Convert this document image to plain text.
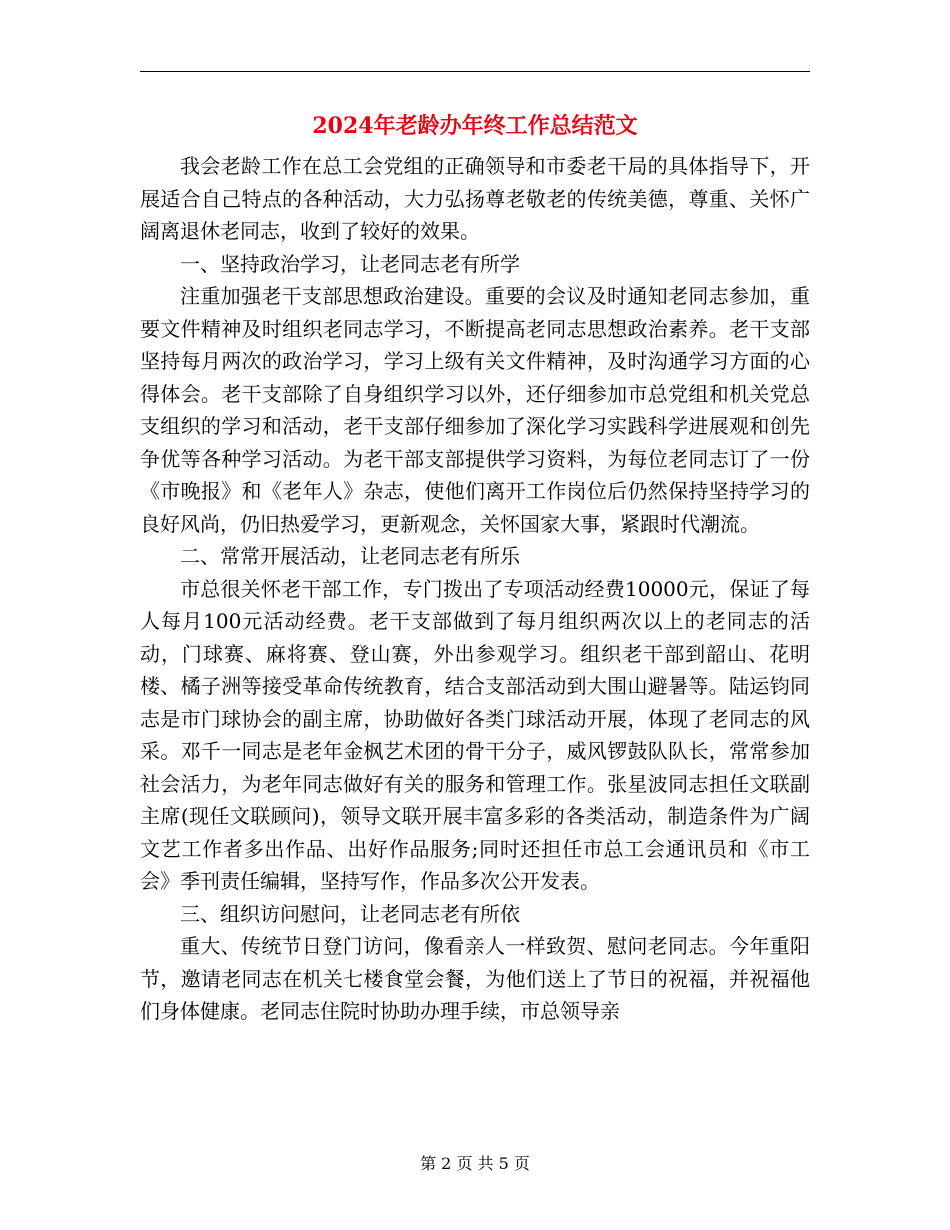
2024年老龄办年终工作总结范文

我会老龄工作在总工会党组的正确领导和市委老干局的具体指导下，开展适合自己特点的各种活动，大力弘扬尊老敬老的传统美德，尊重、关怀广阔离退休老同志，收到了较好的效果。

一、坚持政治学习，让老同志老有所学

注重加强老干支部思想政治建设。重要的会议及时通知老同志参加，重要文件精神及时组织老同志学习，不断提高老同志思想政治素养。老干支部坚持每月两次的政治学习，学习上级有关文件精神，及时沟通学习方面的心得体会。老干支部除了自身组织学习以外，还仔细参加市总党组和机关党总支组织的学习和活动，老干支部仔细参加了深化学习实践科学进展观和创先争优等各种学习活动。为老干部支部提供学习资料，为每位老同志订了一份《市晚报》和《老年人》杂志，使他们离开工作岗位后仍然保持坚持学习的良好风尚，仍旧热爱学习，更新观念，关怀国家大事，紧跟时代潮流。

二、常常开展活动，让老同志老有所乐

市总很关怀老干部工作，专门拨出了专项活动经费10000元，保证了每人每月100元活动经费。老干支部做到了每月组织两次以上的老同志的活动，门球赛、麻将赛、登山赛，外出参观学习。组织老干部到韶山、花明楼、橘子洲等接受革命传统教育，结合支部活动到大围山避暑等。陆运钧同志是市门球协会的副主席，协助做好各类门球活动开展，体现了老同志的风采。邓千一同志是老年金枫艺术团的骨干分子，威风锣鼓队队长，常常参加社会活力，为老年同志做好有关的服务和管理工作。张星波同志担任文联副主席(现任文联顾问)，领导文联开展丰富多彩的各类活动，制造条件为广阔文艺工作者多出作品、出好作品服务;同时还担任市总工会通讯员和《市工会》季刊责任编辑，坚持写作，作品多次公开发表。

三、组织访问慰问，让老同志老有所依

重大、传统节日登门访问，像看亲人一样致贺、慰问老同志。今年重阳节，邀请老同志在机关七楼食堂会餐，为他们送上了节日的祝福，并祝福他们身体健康。老同志住院时协助办理手续，市总领导亲

第 2 页 共 5 页
